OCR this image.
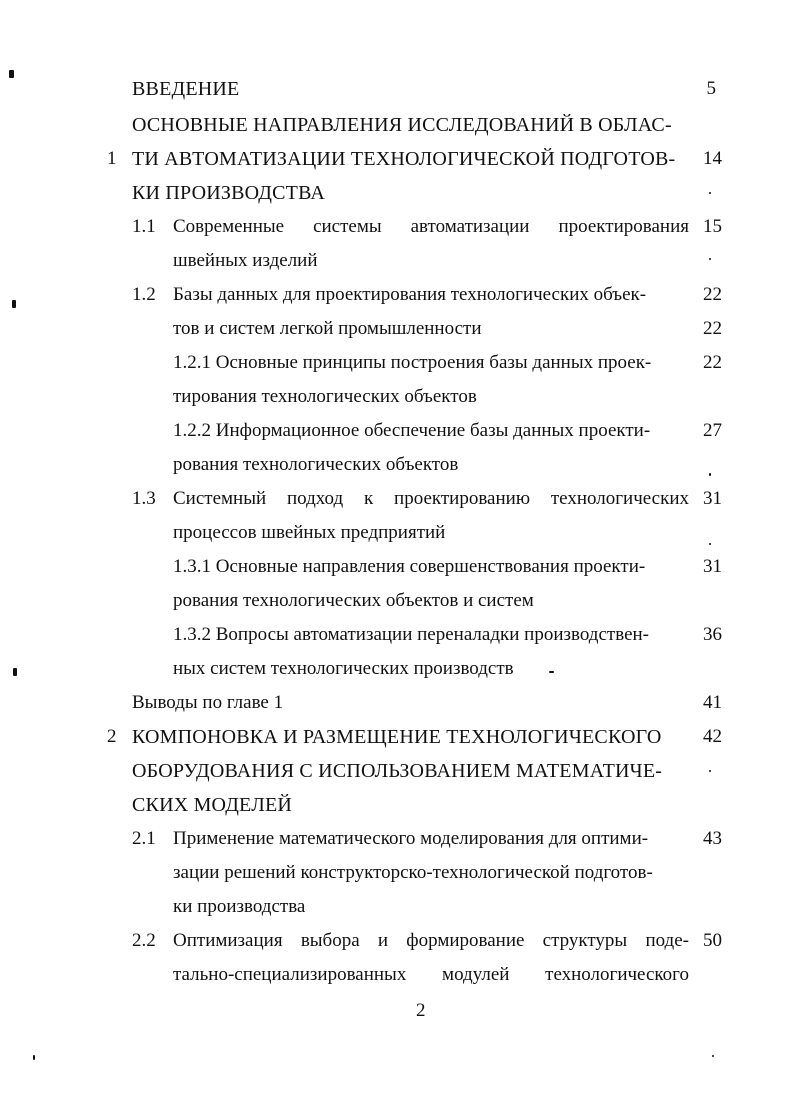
ВВЕДЕНИЕ	5
1
ОСНОВНЫЕ НАПРАВЛЕНИЯ ИССЛЕДОВАНИЙ В ОБЛАС-
ТИ АВТОМАТИЗАЦИИ ТЕХНОЛОГИЧЕСКОЙ ПОДГОТОВ-
КИ ПРОИЗВОДСТВА
14
1.1 Современные системы автоматизации проектирования
швейных изделий
15
1.2 Базы данных для проектирования технологических объек-
тов и систем легкой промышленности
22
22
1.2.1 Основные принципы построения базы данных проек-
тирования технологических объектов
22
1.2.2 Информационное обеспечение базы данных проекти-
рования технологических объектов
27
1.3 Системный подход к проектированию технологических
процессов швейных предприятий
31
1.3.1 Основные направления совершенствования проекти-
рования технологических объектов и систем
31
1.3.2 Вопросы автоматизации переналадки производствен-
ных систем технологических производств
36
Выводы по главе 1	41
2 КОМПОНОВКА И РАЗМЕЩЕНИЕ ТЕХНОЛОГИЧЕСКОГО
ОБОРУДОВАНИЯ С ИСПОЛЬЗОВАНИЕМ МАТЕМАТИЧЕ-
СКИХ МОДЕЛЕЙ
42
2.1 Применение математического моделирования для оптими-
зации решений конструкторско-технологической подготов-
ки производства
43
2.2 Оптимизация выбора и формирование структуры поде-
тально-специализированных модулей технологического
50
2
